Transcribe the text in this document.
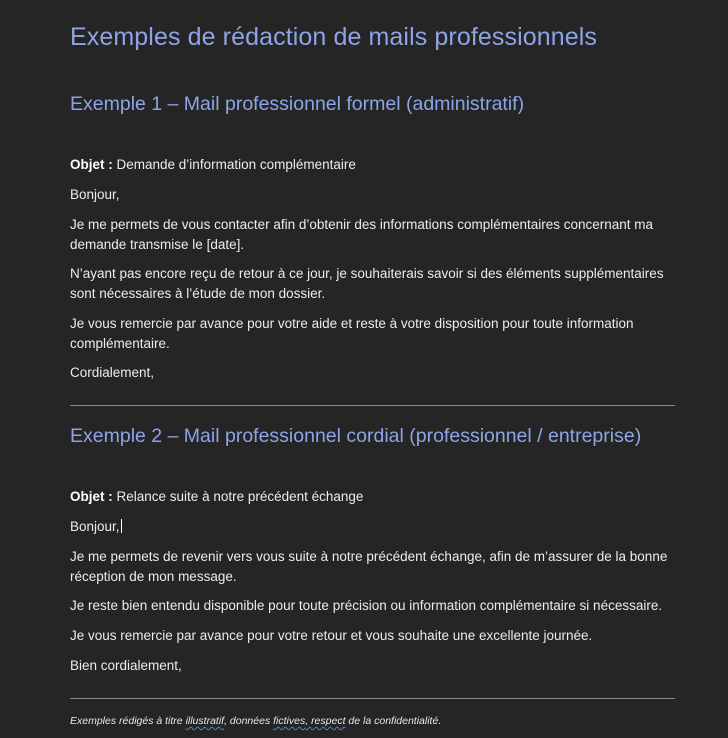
Exemples de rédaction de mails professionnels
Exemple 1 – Mail professionnel formel (administratif)

Objet : Demande d’information complémentaire

Bonjour,

Je me permets de vous contacter afin d’obtenir des informations complémentaires concernant ma demande transmise le [date].

N’ayant pas encore reçu de retour à ce jour, je souhaiterais savoir si des éléments supplémentaires sont nécessaires à l’étude de mon dossier.

Je vous remercie par avance pour votre aide et reste à votre disposition pour toute information complémentaire.

Cordialement,

Exemple 2 – Mail professionnel cordial (professionnel / entreprise)

Objet : Relance suite à notre précédent échange

Bonjour,

Je me permets de revenir vers vous suite à notre précédent échange, afin de m’assurer de la bonne réception de mon message.

Je reste bien entendu disponible pour toute précision ou information complémentaire si nécessaire.

Je vous remercie par avance pour votre retour et vous souhaite une excellente journée.

Bien cordialement,

Exemples rédigés à titre illustratif, données fictives, respect de la confidentialité.
